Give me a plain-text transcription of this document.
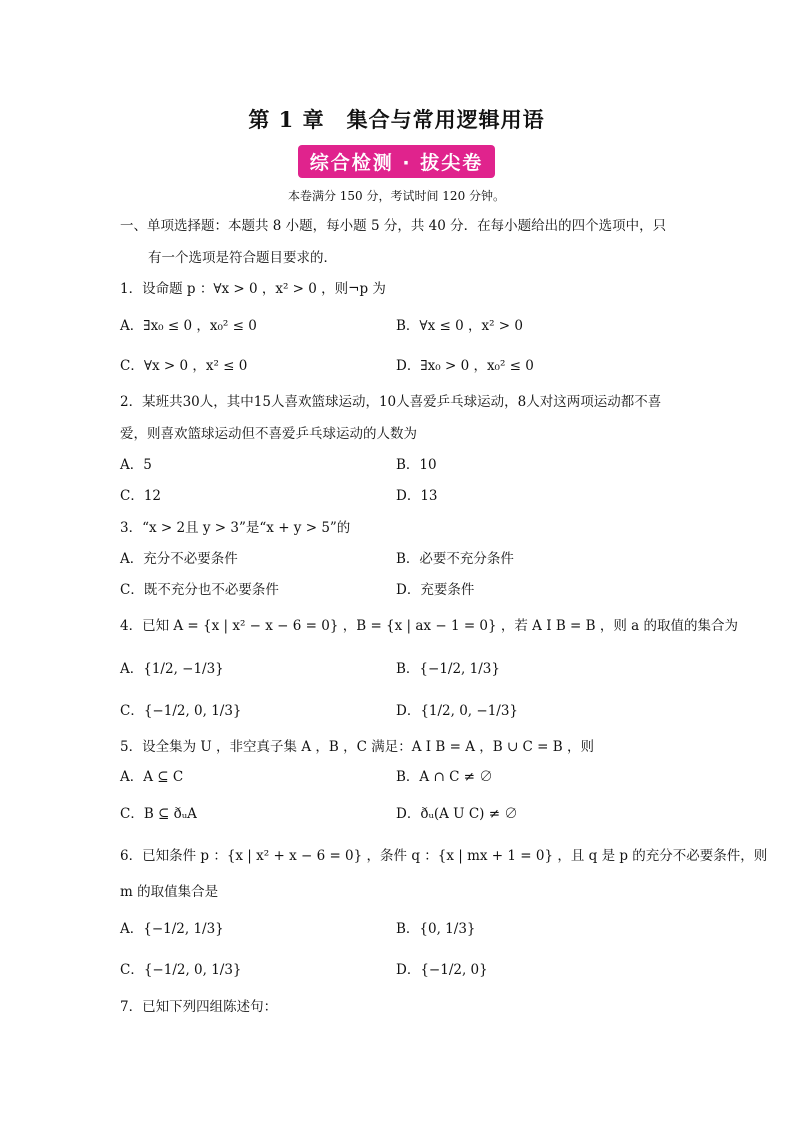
第 1 章　集合与常用逻辑用语
综合检测 · 拔尖卷
本卷满分 150 分，考试时间 120 分钟。
一、单项选择题：本题共 8 小题，每小题 5 分，共 40 分．在每小题给出的四个选项中，只
有一个选项是符合题目要求的．
1．设命题 p ：∀x > 0 ，x² > 0 ，则¬p 为
A．∃x₀ ≤ 0 ，x₀² ≤ 0	B．∀x ≤ 0 ，x² > 0
C．∀x > 0 ，x² ≤ 0	D．∃x₀ > 0 ，x₀² ≤ 0
2．某班共30人，其中15人喜欢篮球运动，10人喜爱乒乓球运动，8人对这两项运动都不喜
爱，则喜欢篮球运动但不喜爱乒乓球运动的人数为
A．5	B．10
C．12	D．13
3．“x > 2且 y > 3”是“x + y > 5”的
A．充分不必要条件	B．必要不充分条件
C．既不充分也不必要条件	D．充要条件
4．已知 A = {x | x² − x − 6 = 0} ，B = {x | ax − 1 = 0} ，若 A I B = B ，则 a 的取值的集合为
A．{1/2, −1/3}	B．{−1/2, 1/3}
C．{−1/2, 0, 1/3}	D．{1/2, 0, −1/3}
5．设全集为 U ，非空真子集 A ，B ，C 满足：A I B = A ，B ∪ C = B ，则
A．A ⊆ C	B．A ∩ C ≠ ∅
C．B ⊆ ðᵤA	D．ðᵤ(A U C) ≠ ∅
6．已知条件 p ：{x | x² + x − 6 = 0} ，条件 q ：{x | mx + 1 = 0} ，且 q 是 p 的充分不必要条件，则
m 的取值集合是
A．{−1/2, 1/3}	B．{0, 1/3}
C．{−1/2, 0, 1/3}	D．{−1/2, 0}
7．已知下列四组陈述句：
